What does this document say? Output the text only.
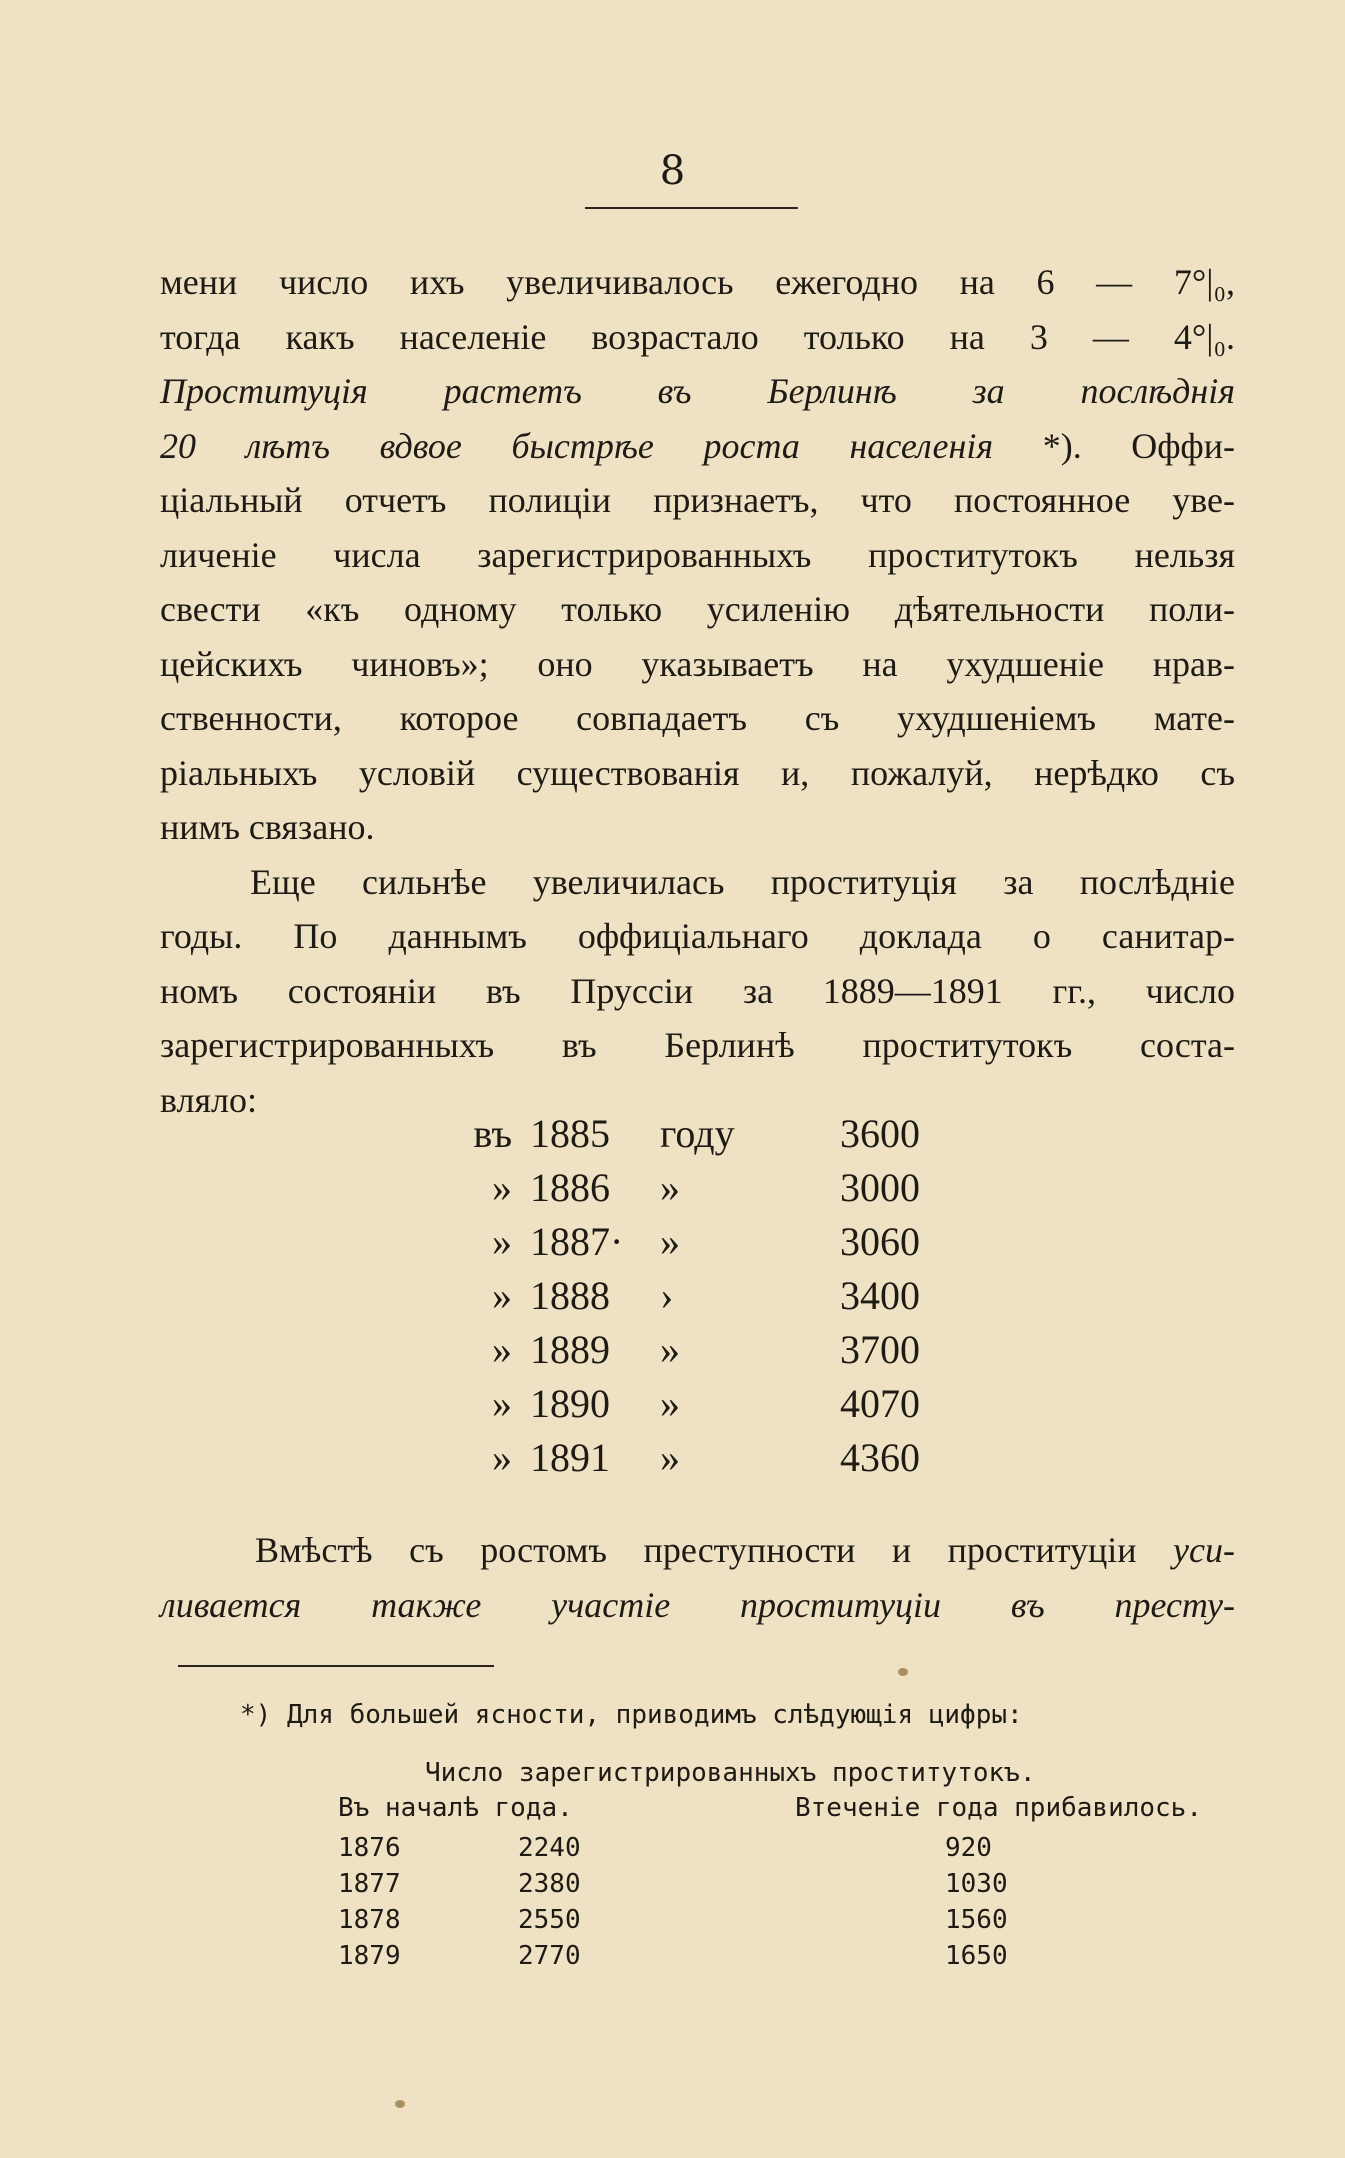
8
мени число ихъ увеличивалось ежегодно на 6 — 7°|₀,
тогда какъ населеніе возрастало только на 3 — 4°|₀.
Проституція растетъ въ Берлинѣ за послѣднія
20 лѣтъ вдвое быстрѣе роста населенія *). Оффи-
ціальный отчетъ полиціи признаетъ, что постоянное уве-
личеніе числа зарегистрированныхъ проститутокъ нельзя
свести «къ одному только усиленію дѣятельности поли-
цейскихъ чиновъ»; оно указываетъ на ухудшеніе нрав-
ственности, которое совпадаетъ съ ухудшеніемъ мате-
ріальныхъ условій существованія и, пожалуй, нерѣдко съ
нимъ связано.
Еще сильнѣе увеличилась проституція за послѣдніе
годы. По даннымъ оффиціальнаго доклада о санитар-
номъ состояніи въ Пруссіи за 1889—1891 гг., число
зарегистрированныхъ въ Берлинѣ проститутокъ соста-
вляло:
въ 1885 году	3600
» 1886 »	3000
» 1887· »	3060
» 1888 ›	3400
» 1889 »	3700
» 1890 »	4070
» 1891 »	4360
Вмѣстѣ съ ростомъ преступности и проституціи уси-
ливается также участіе проституціи въ престу-
*) Для большей ясности, приводимъ слѣдующія цифры:
Число зарегистрированныхъ проститутокъ.
Въ началѣ года.	Втеченіе года прибавилось.
1876	2240	920
1877	2380	1030
1878	2550	1560
1879	2770	1650
